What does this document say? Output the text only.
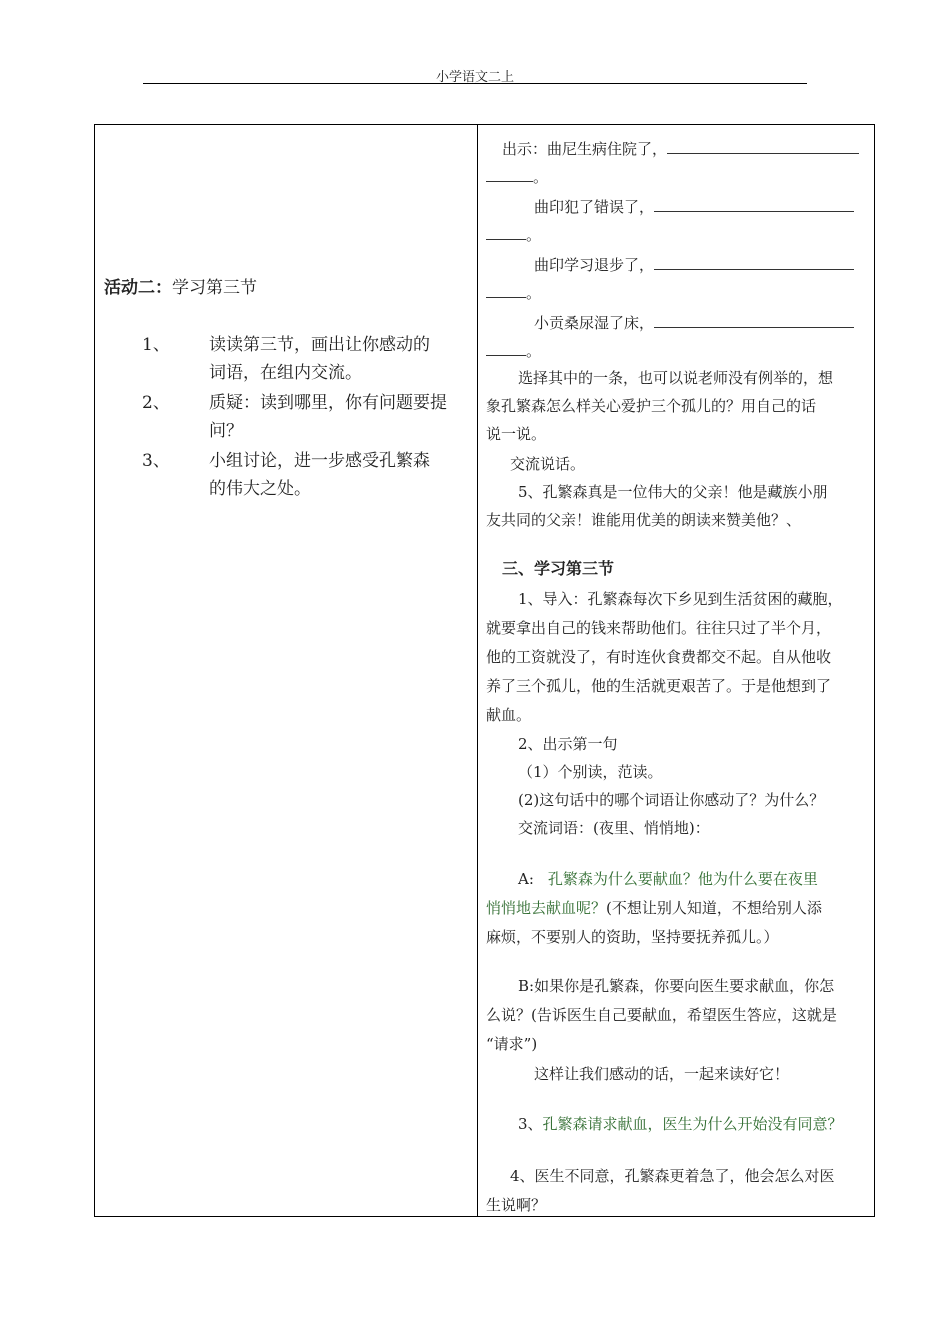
小学语文二上
活动二：学习第三节
1、 读读第三节，画出让你感动的
词语，在组内交流。
2、 质疑：读到哪里，你有问题要提
问？
3、 小组讨论，进一步感受孔繁森
的伟大之处。
出示：曲尼生病住院了，
。
曲印犯了错误了，
。
曲印学习退步了，
。
小贡桑尿湿了床，
。
选择其中的一条，也可以说老师没有例举的，想
象孔繁森怎么样关心爱护三个孤儿的？用自己的话
说一说。
交流说话。
5、孔繁森真是一位伟大的父亲！他是藏族小朋
友共同的父亲！谁能用优美的朗读来赞美他？、
三、学习第三节
1、导入：孔繁森每次下乡见到生活贫困的藏胞，
就要拿出自己的钱来帮助他们。往往只过了半个月，
他的工资就没了，有时连伙食费都交不起。自从他收
养了三个孤儿，他的生活就更艰苦了。于是他想到了
献血。
2、出示第一句
（1）个别读，范读。
(2)这句话中的哪个词语让你感动了？为什么？
交流词语：(夜里、悄悄地)：
A: 孔繁森为什么要献血？他为什么要在夜里
悄悄地去献血呢？(不想让别人知道，不想给别人添
麻烦，不要别人的资助，坚持要抚养孤儿。）
B:如果你是孔繁森，你要向医生要求献血，你怎
么说？(告诉医生自己要献血，希望医生答应，这就是
“请求”)
这样让我们感动的话，一起来读好它！
3、孔繁森请求献血，医生为什么开始没有同意？
4、医生不同意，孔繁森更着急了，他会怎么对医
生说啊？
